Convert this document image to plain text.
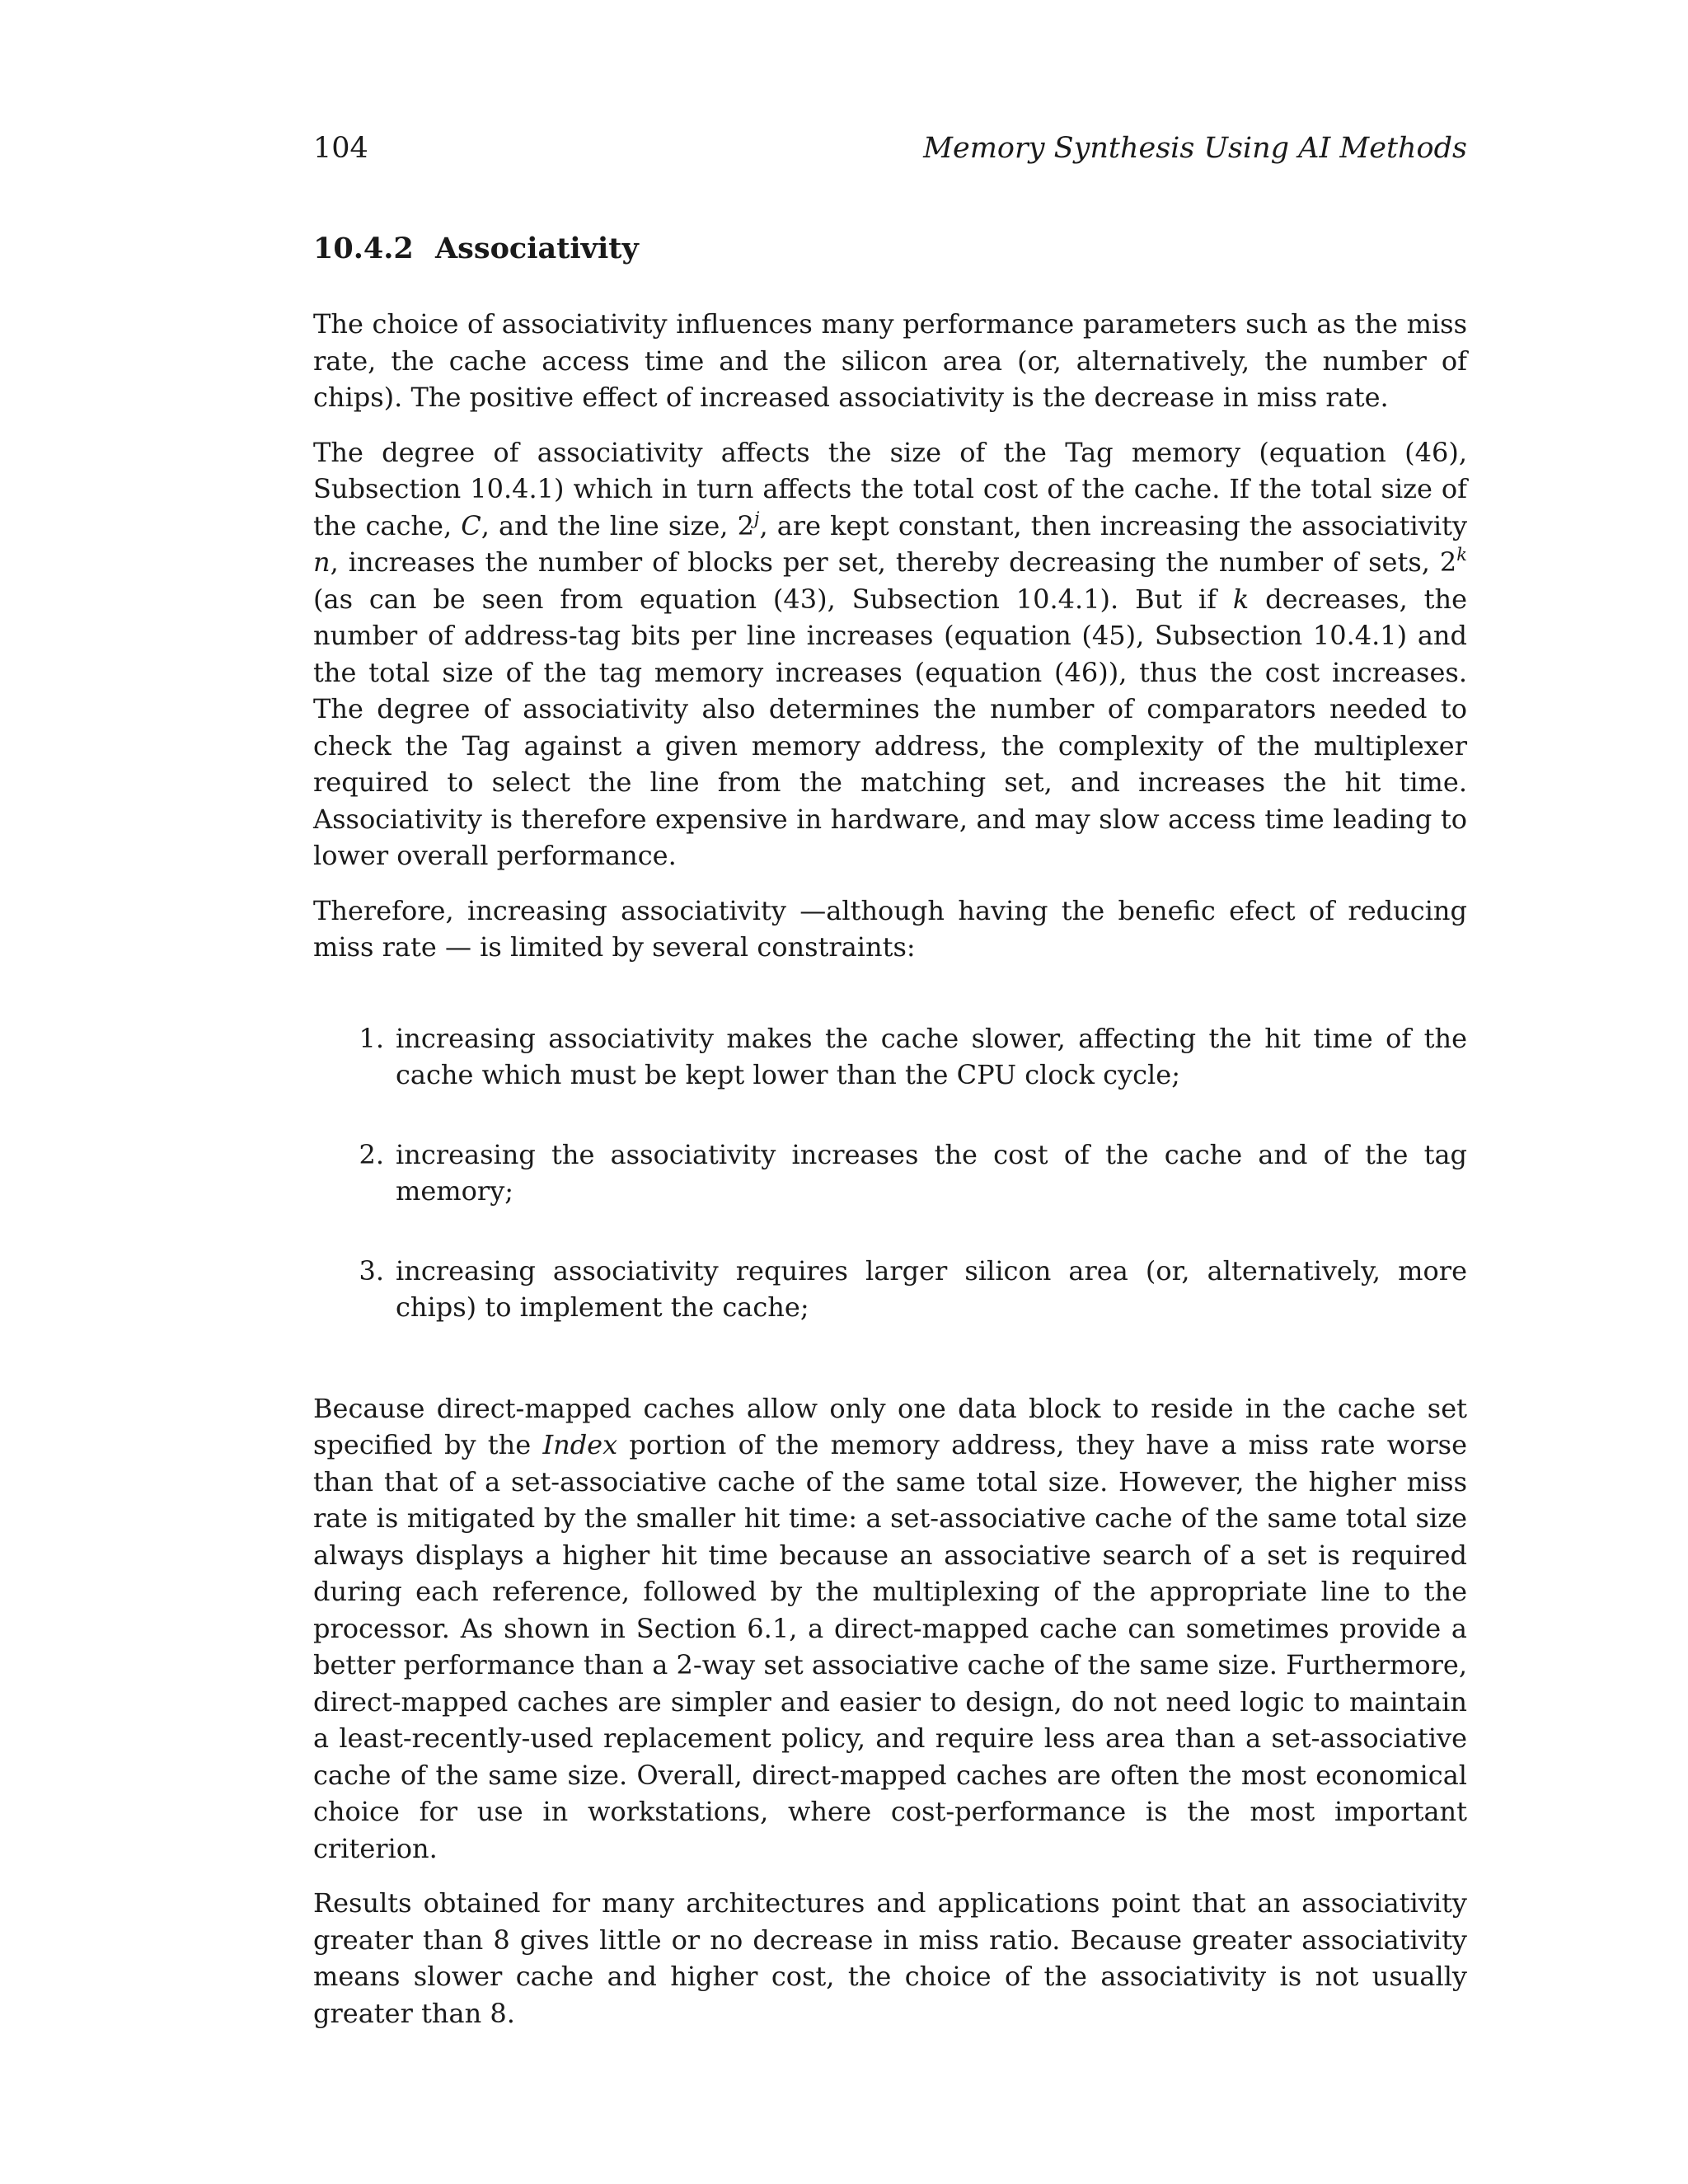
104	Memory Synthesis Using AI Methods
10.4.2 Associativity

The choice of associativity influences many performance parameters such as the miss rate, the cache access time and the silicon area (or, alternatively, the number of chips). The positive effect of increased associativity is the decrease in miss rate.

The degree of associativity affects the size of the Tag memory (equation (46), Subsection 10.4.1) which in turn affects the total cost of the cache. If the total size of the cache, C, and the line size, 2$^j$, are kept constant, then increasing the associativity n, increases the number of blocks per set, thereby decreasing the number of sets, 2$^k$ (as can be seen from equation (43), Subsection 10.4.1). But if k decreases, the number of address-tag bits per line increases (equation (45), Subsection 10.4.1) and the total size of the tag memory increases (equation (46)), thus the cost increases. The degree of associativity also determines the number of comparators needed to check the Tag against a given memory address, the complexity of the multiplexer required to select the line from the matching set, and increases the hit time. Associativity is therefore expensive in hardware, and may slow access time leading to lower overall performance.

Therefore, increasing associativity —although having the benefic efect of reducing miss rate — is limited by several constraints:

1. increasing associativity makes the cache slower, affecting the hit time of the cache which must be kept lower than the CPU clock cycle;
2. increasing the associativity increases the cost of the cache and of the tag memory;
3. increasing associativity requires larger silicon area (or, alternatively, more chips) to implement the cache;

Because direct-mapped caches allow only one data block to reside in the cache set specified by the Index portion of the memory address, they have a miss rate worse than that of a set-associative cache of the same total size. However, the higher miss rate is mitigated by the smaller hit time: a set-associative cache of the same total size always displays a higher hit time because an associative search of a set is required during each reference, followed by the multiplexing of the appropriate line to the processor. As shown in Section 6.1, a direct-mapped cache can sometimes provide a better performance than a 2-way set associative cache of the same size. Furthermore, direct-mapped caches are simpler and easier to design, do not need logic to maintain a least-recently-used replacement policy, and require less area than a set-associative cache of the same size. Overall, direct-mapped caches are often the most economical choice for use in workstations, where cost-performance is the most important criterion.

Results obtained for many architectures and applications point that an associativity greater than 8 gives little or no decrease in miss ratio. Because greater associativity means slower cache and higher cost, the choice of the associativity is not usually greater than 8.
